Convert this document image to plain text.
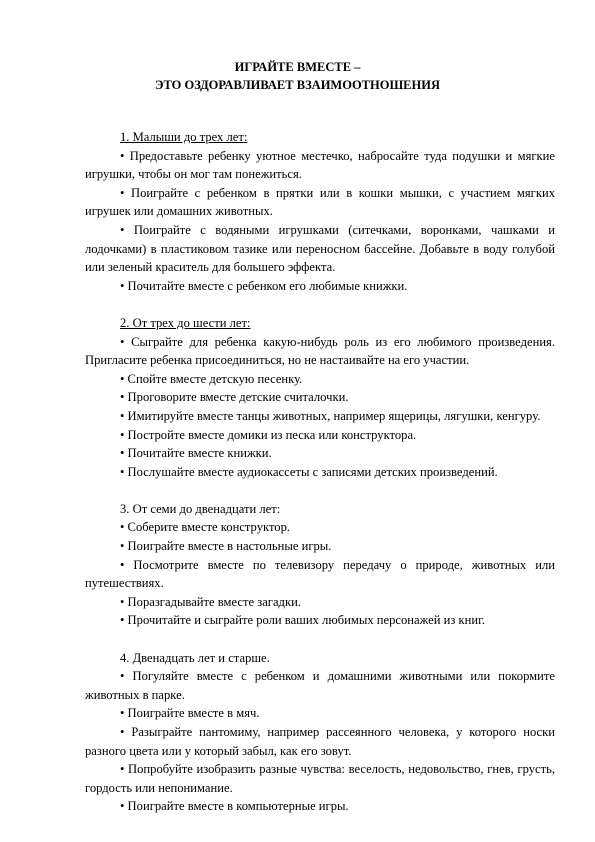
ИГРАЙТЕ ВМЕСТЕ –

ЭТО ОЗДОРАВЛИВАЕТ ВЗАИМООТНОШЕНИЯ

1. Малыши до трех лет:

• Предоставьте ребенку уютное местечко, набросайте туда подушки и мягкие игрушки, чтобы он мог там понежиться.

• Поиграйте с ребенком в прятки или в кошки мышки, с участием мягких игрушек или домашних животных.

• Поиграйте с водяными игрушками (ситечками, воронками, чашками и лодочками) в пластиковом тазике или переносном бассейне. Добавьте в воду голубой или зеленый краситель для большего эффекта.

• Почитайте вместе с ребенком его любимые книжки.

2. От трех до шести лет:

• Сыграйте для ребенка какую-нибудь роль из его любимого произведения. Пригласите ребенка присоединиться, но не настаивайте на его участии.

• Спойте вместе детскую песенку.

• Проговорите вместе детские считалочки.

• Имитируйте вместе танцы животных, например ящерицы, лягушки, кенгуру.

• Постройте вместе домики из песка или конструктора.

• Почитайте вместе книжки.

• Послушайте вместе аудиокассеты с записями детских произведений.

3. От семи до двенадцати лет:

• Соберите вместе конструктор.

• Поиграйте вместе в настольные игры.

• Посмотрите вместе по телевизору передачу о природе, животных или путешествиях.

• Поразгадывайте вместе загадки.

• Прочитайте и сыграйте роли ваших любимых персонажей из книг.

4. Двенадцать лет и старше.

• Погуляйте вместе с ребенком и домашними животными или покормите животных в парке.

• Поиграйте вместе в мяч.

• Разыграйте пантомиму, например рассеянного человека, у которого носки разного цвета или у который забыл, как его зовут.

• Попробуйте изобразить разные чувства: веселость, недовольство, гнев, грусть, гордость или непонимание.

• Поиграйте вместе в компьютерные игры.
